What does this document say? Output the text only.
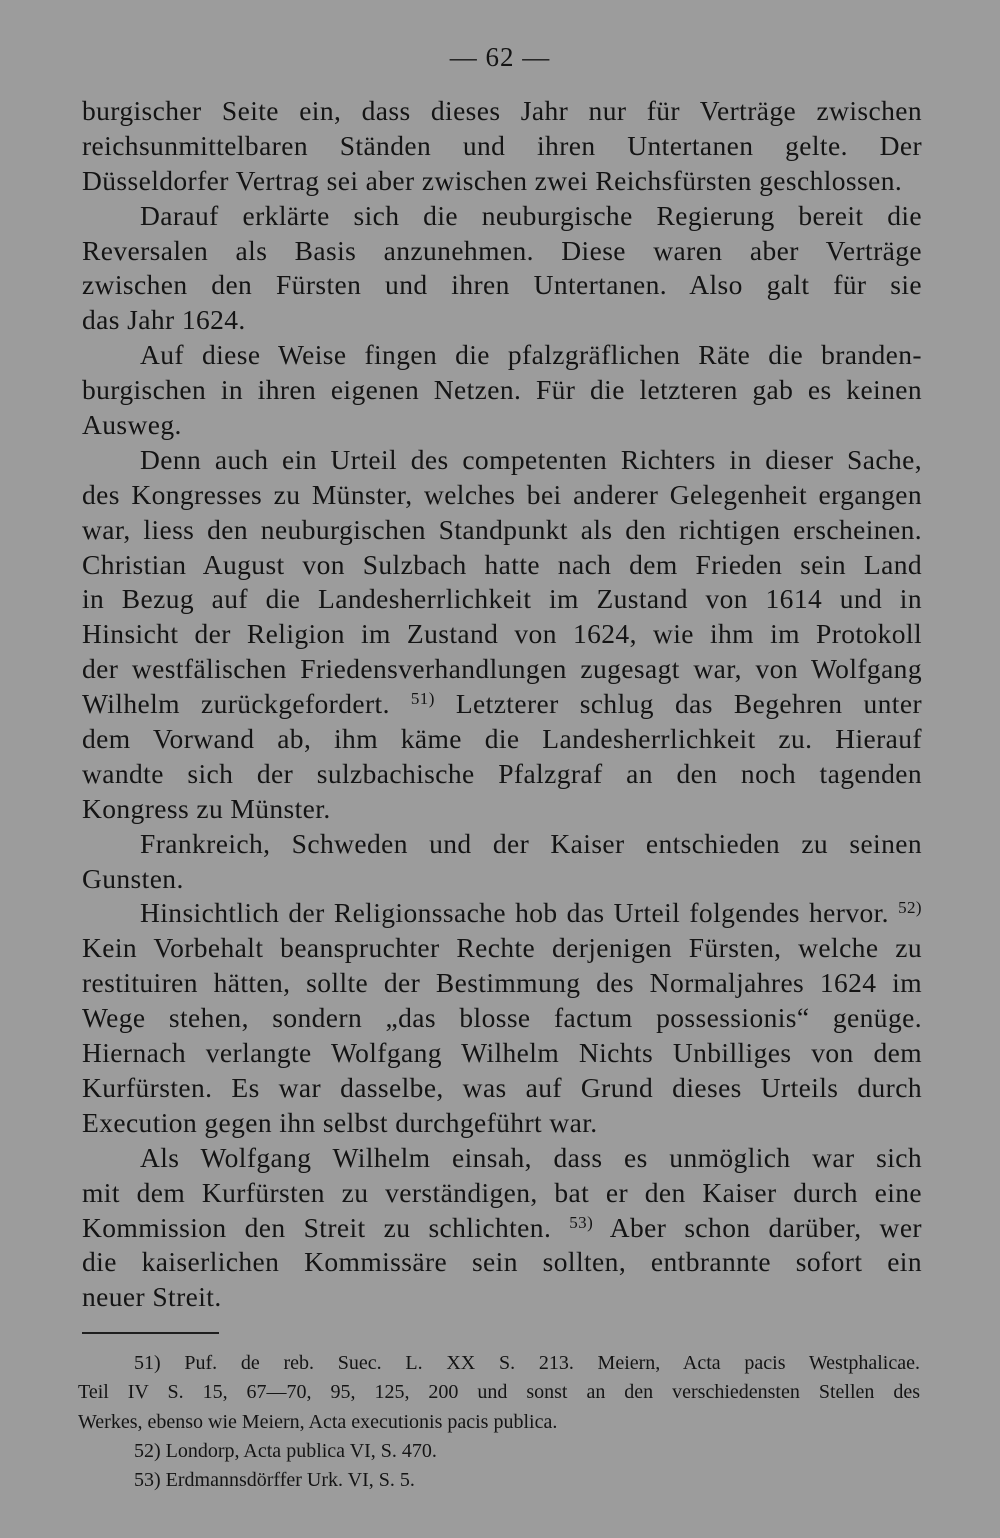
— 62 —
burgischer Seite ein, dass dieses Jahr nur für Verträge zwischen
reichsunmittelbaren Ständen und ihren Untertanen gelte. Der
Düsseldorfer Vertrag sei aber zwischen zwei Reichsfürsten geschlossen.
Darauf erklärte sich die neuburgische Regierung bereit die
Reversalen als Basis anzunehmen. Diese waren aber Verträge
zwischen den Fürsten und ihren Untertanen. Also galt für sie
das Jahr 1624.
Auf diese Weise fingen die pfalzgräflichen Räte die branden-
burgischen in ihren eigenen Netzen. Für die letzteren gab es keinen
Ausweg.
Denn auch ein Urteil des competenten Richters in dieser Sache,
des Kongresses zu Münster, welches bei anderer Gelegenheit ergangen
war, liess den neuburgischen Standpunkt als den richtigen erscheinen.
Christian August von Sulzbach hatte nach dem Frieden sein Land
in Bezug auf die Landesherrlichkeit im Zustand von 1614 und in
Hinsicht der Religion im Zustand von 1624, wie ihm im Protokoll
der westfälischen Friedensverhandlungen zugesagt war, von Wolfgang
Wilhelm zurückgefordert. $^{51)}$ Letzterer schlug das Begehren unter
dem Vorwand ab, ihm käme die Landesherrlichkeit zu. Hierauf
wandte sich der sulzbachische Pfalzgraf an den noch tagenden
Kongress zu Münster.
Frankreich, Schweden und der Kaiser entschieden zu seinen
Gunsten.
Hinsichtlich der Religionssache hob das Urteil folgendes hervor. $^{52)}$
Kein Vorbehalt beanspruchter Rechte derjenigen Fürsten, welche zu
restituiren hätten, sollte der Bestimmung des Normaljahres 1624 im
Wege stehen, sondern „das blosse factum possessionis“ genüge.
Hiernach verlangte Wolfgang Wilhelm Nichts Unbilliges von dem
Kurfürsten. Es war dasselbe, was auf Grund dieses Urteils durch
Execution gegen ihn selbst durchgeführt war.
Als Wolfgang Wilhelm einsah, dass es unmöglich war sich
mit dem Kurfürsten zu verständigen, bat er den Kaiser durch eine
Kommission den Streit zu schlichten. $^{53)}$ Aber schon darüber, wer
die kaiserlichen Kommissäre sein sollten, entbrannte sofort ein
neuer Streit.
51) Puf. de reb. Suec. L. XX S. 213. Meiern, Acta pacis Westphalicae.
Teil IV S. 15, 67—70, 95, 125, 200 und sonst an den verschiedensten Stellen des
Werkes, ebenso wie Meiern, Acta executionis pacis publica.
52) Londorp, Acta publica VI, S. 470.
53) Erdmannsdörffer Urk. VI, S. 5.
